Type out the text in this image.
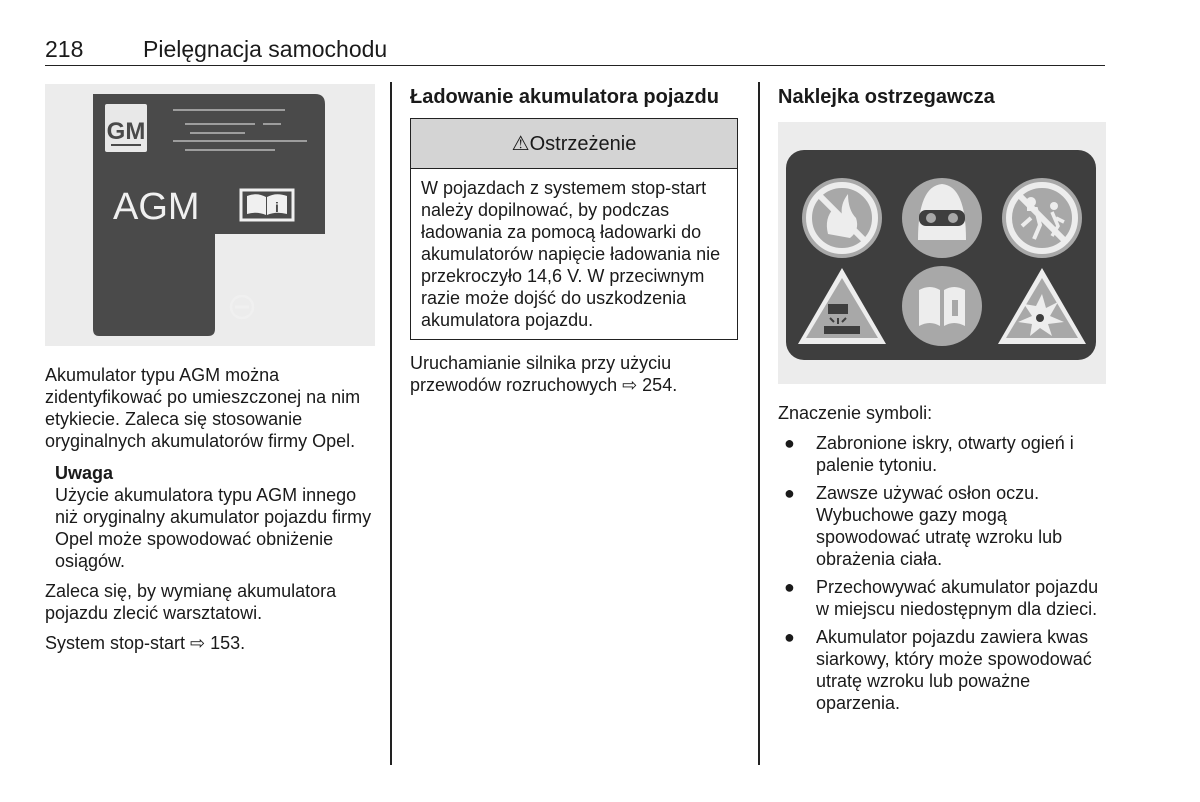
218	Pielęgnacja samochodu
GM
AGM	i

Akumulator typu AGM można zidentyfikować po umieszczonej na nim etykiecie. Zaleca się stosowanie oryginalnych akumulatorów firmy Opel.

Uwaga

Użycie akumulatora typu AGM innego niż oryginalny akumulator pojazdu firmy Opel może spowodować obniżenie osiągów.

Zaleca się, by wymianę akumulatora pojazdu zlecić warsztatowi.

System stop-start ⇨ 153.

Ładowanie akumulatora pojazdu

⚠Ostrzeżenie
W pojazdach z systemem stop-start należy dopilnować, by podczas ładowania za pomocą ładowarki do akumulatorów napięcie ładowania nie przekroczyło 14,6 V. W przeciwnym razie może dojść do uszkodzenia akumulatora pojazdu.

Uruchamianie silnika przy użyciu przewodów rozruchowych ⇨ 254.

Naklejka ostrzegawcza

Znaczenie symboli:

● Zabronione iskry, otwarty ogień i palenie tytoniu.
● Zawsze używać osłon oczu. Wybuchowe gazy mogą spowodować utratę wzroku lub obrażenia ciała.
● Przechowywać akumulator pojazdu w miejscu niedostępnym dla dzieci.
● Akumulator pojazdu zawiera kwas siarkowy, który może spowodować utratę wzroku lub poważne oparzenia.
